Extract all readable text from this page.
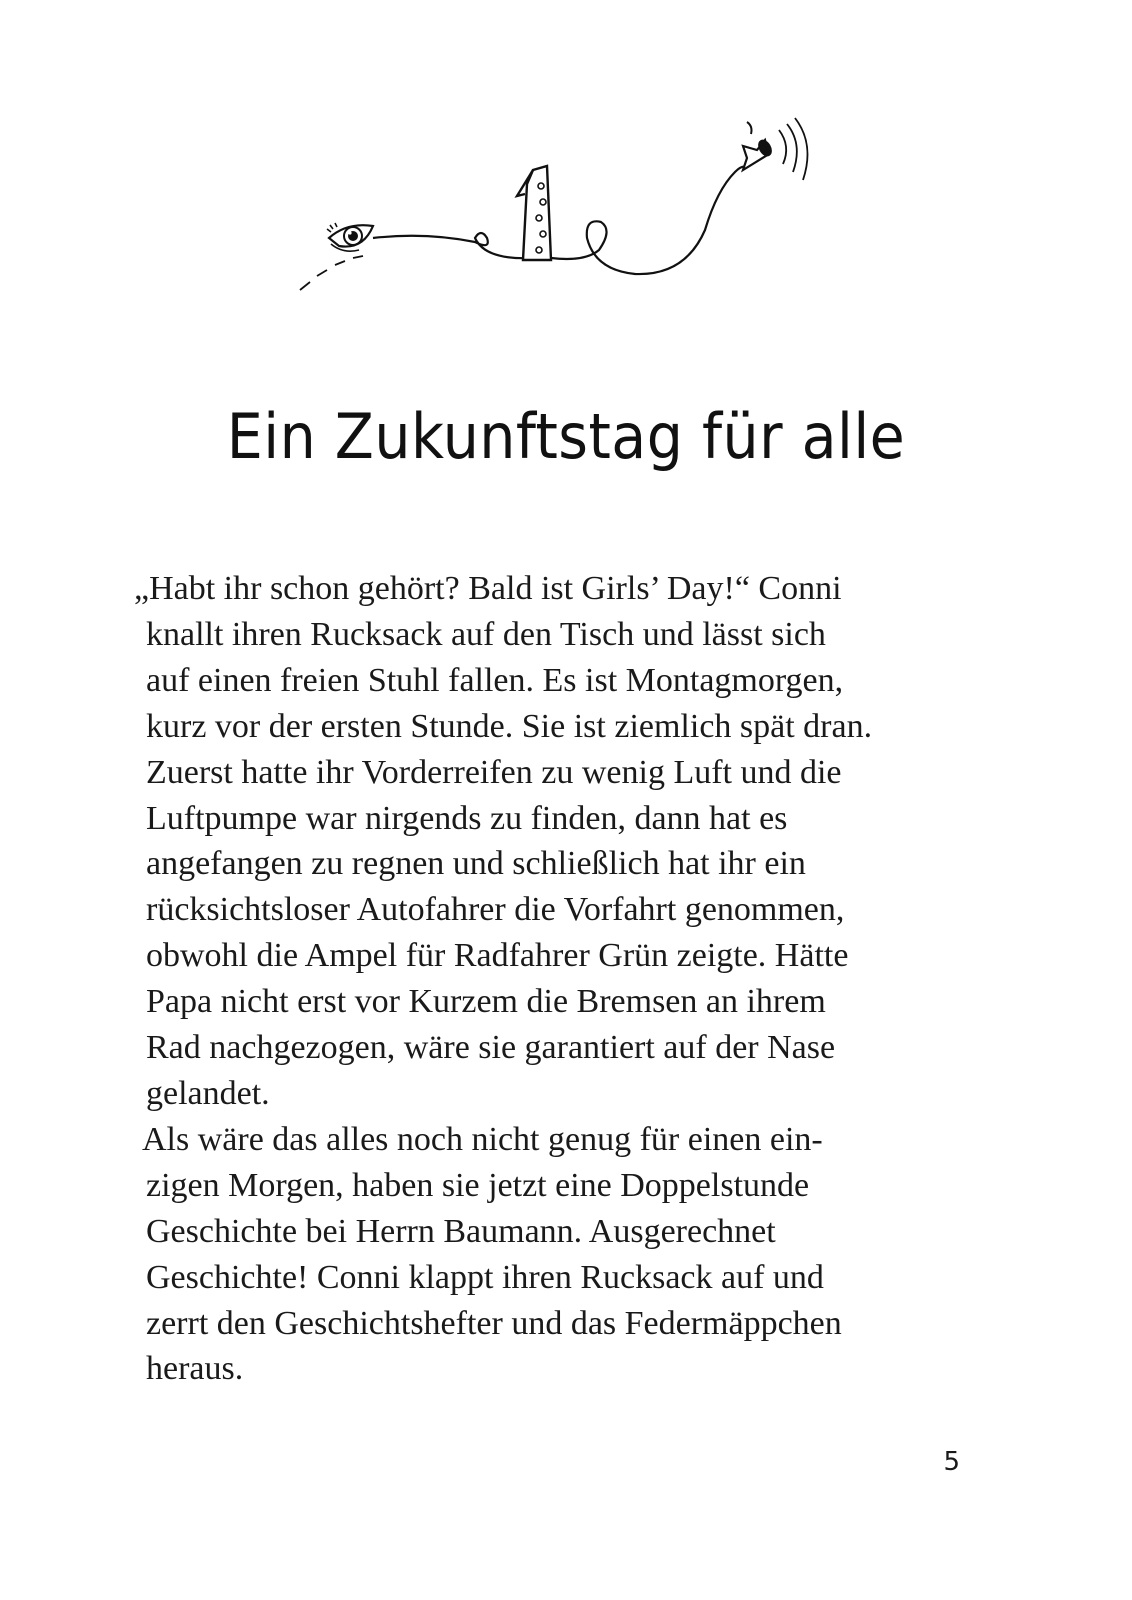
Ein Zukunftstag für alle
„Habt ihr schon gehört? Bald ist Girls’ Day!“ Conni
knallt ihren Rucksack auf den Tisch und lässt sich
auf einen freien Stuhl fallen. Es ist Montagmorgen,
kurz vor der ersten Stunde. Sie ist ziemlich spät dran.
Zuerst hatte ihr Vorderreifen zu wenig Luft und die
Luftpumpe war nirgends zu finden, dann hat es
angefangen zu regnen und schließlich hat ihr ein
rücksichtsloser Autofahrer die Vorfahrt genommen,
obwohl die Ampel für Radfahrer Grün zeigte. Hätte
Papa nicht erst vor Kurzem die Bremsen an ihrem
Rad nachgezogen, wäre sie garantiert auf der Nase
gelandet.
Als wäre das alles noch nicht genug für einen ein-
zigen Morgen, haben sie jetzt eine Doppelstunde
Geschichte bei Herrn Baumann. Ausgerechnet
Geschichte! Conni klappt ihren Rucksack auf und
zerrt den Geschichtshefter und das Federmäppchen
heraus.
5
